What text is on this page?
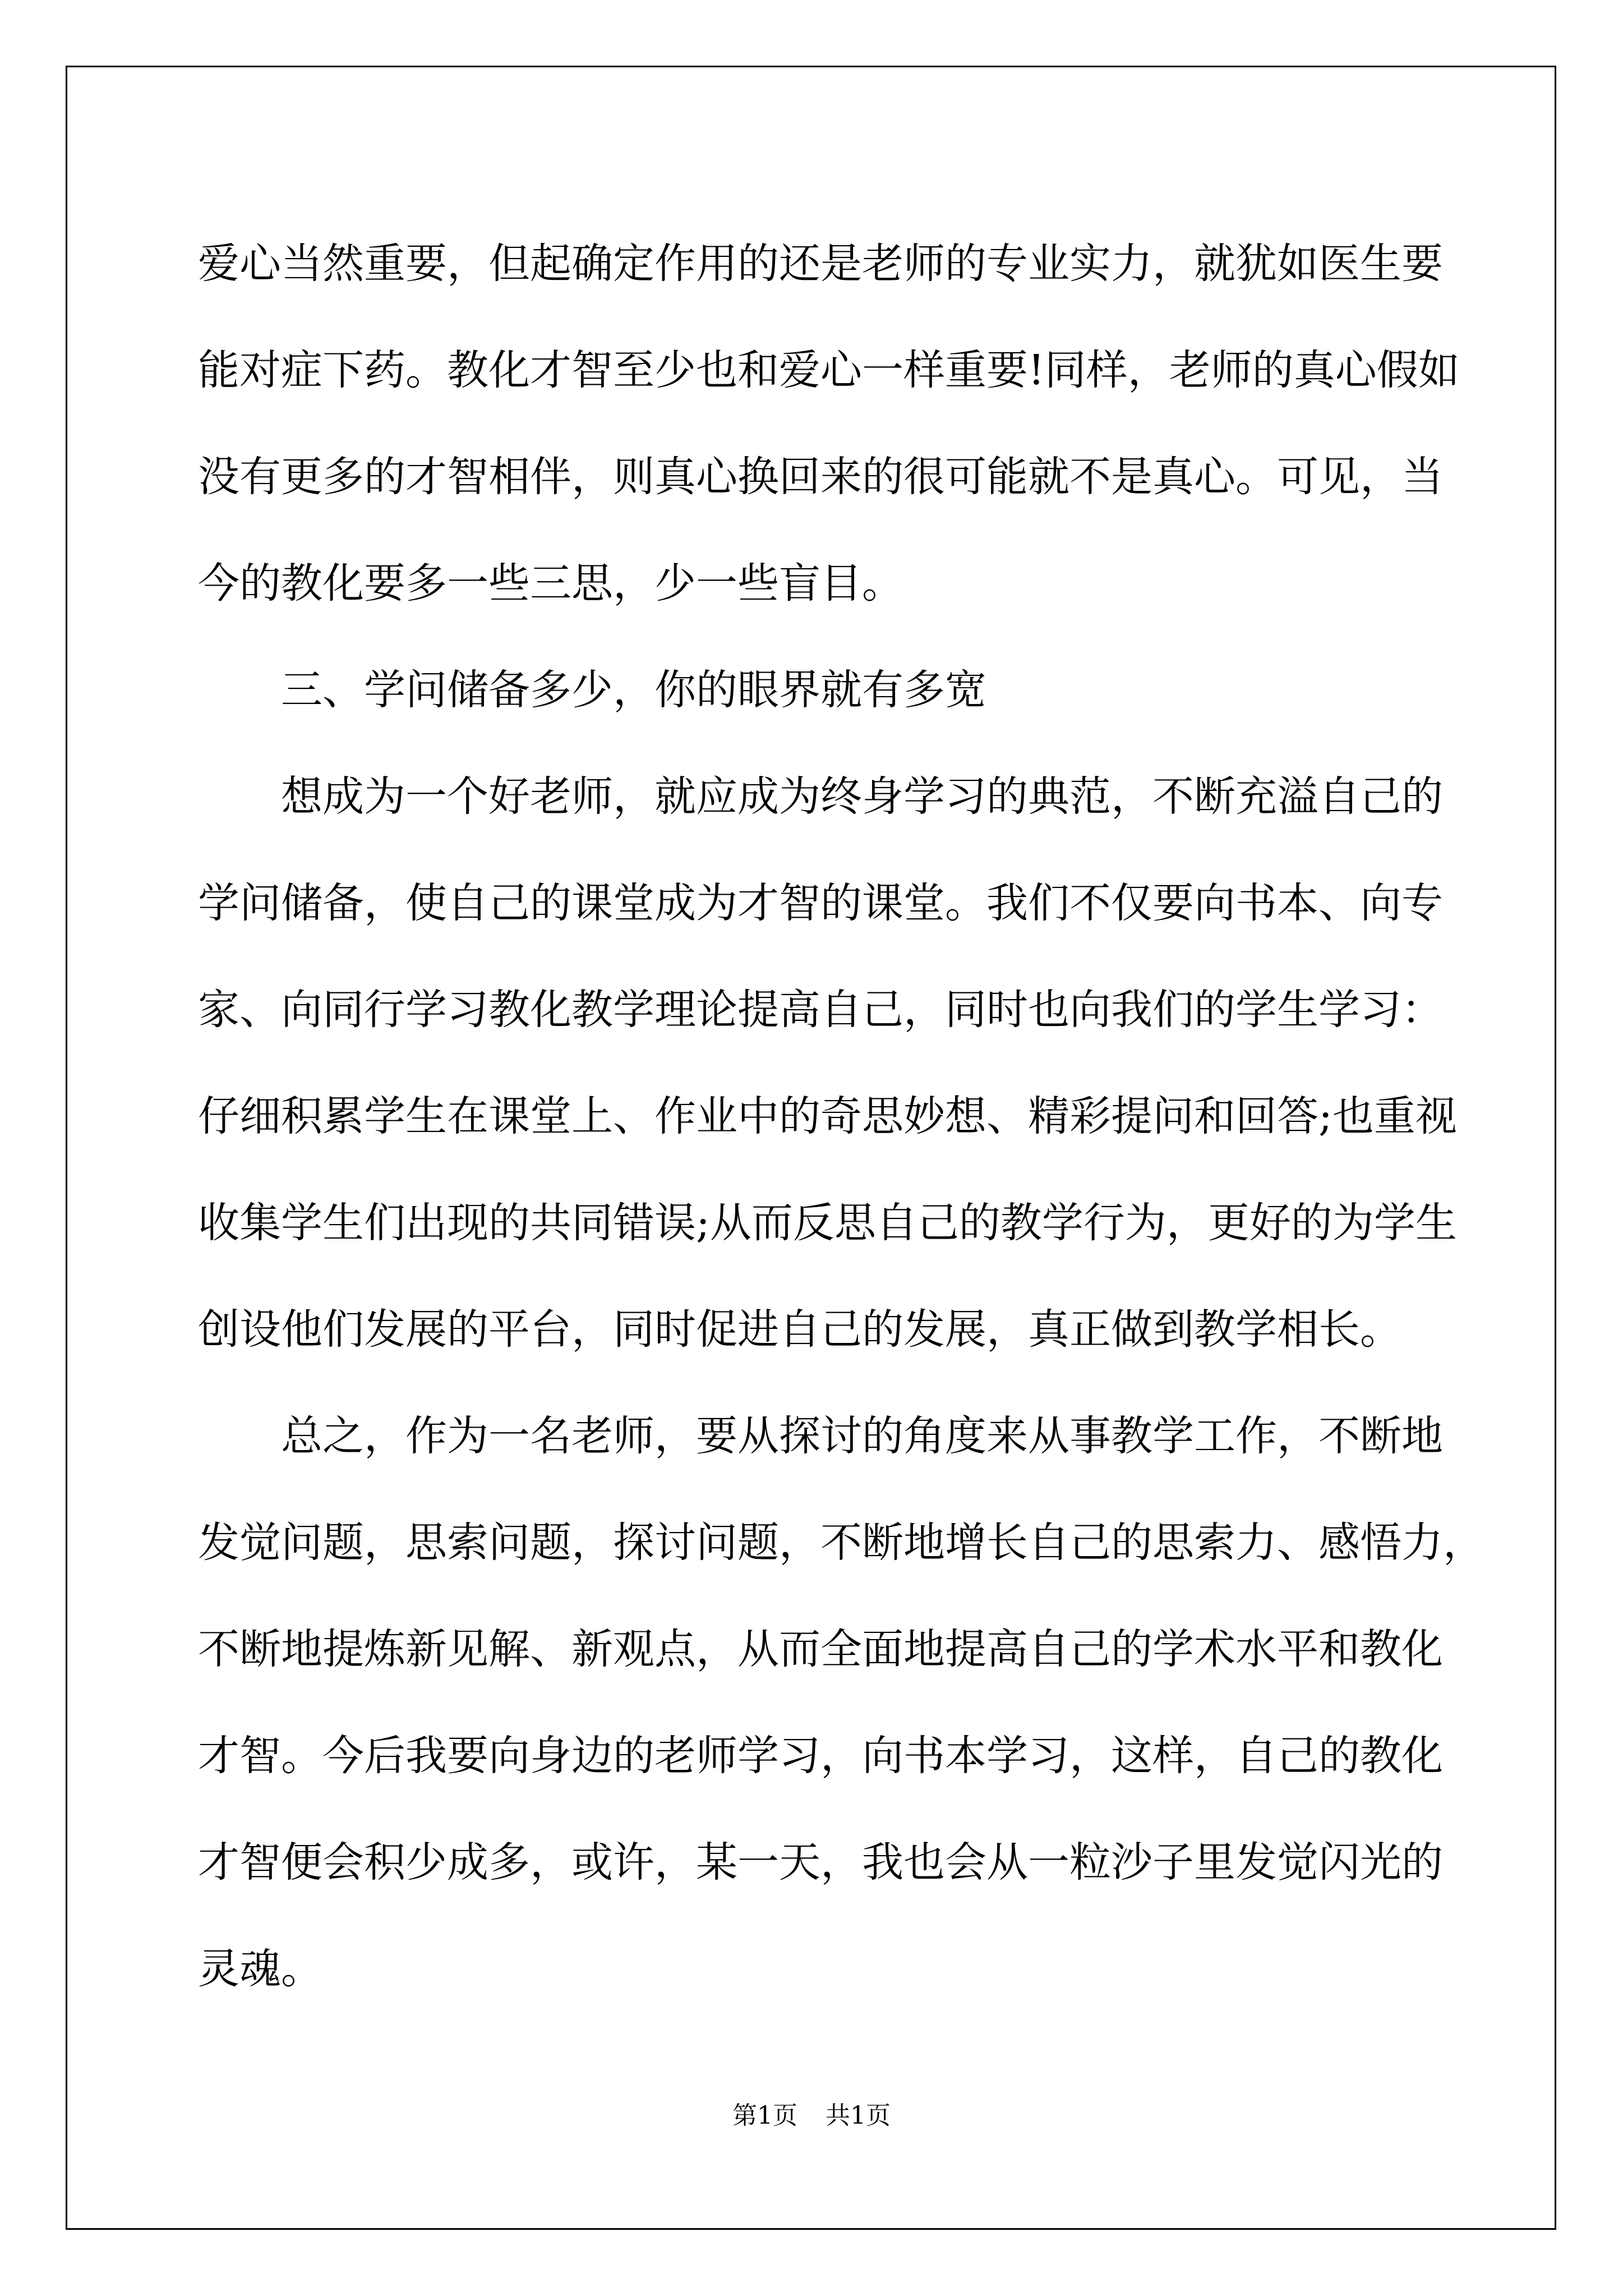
爱心当然重要，但起确定作用的还是老师的专业实力，就犹如医生要
能对症下药。教化才智至少也和爱心一样重要!同样，老师的真心假如
没有更多的才智相伴，则真心换回来的很可能就不是真心。可见，当
今的教化要多一些三思，少一些盲目。
三、学问储备多少，你的眼界就有多宽
想成为一个好老师，就应成为终身学习的典范，不断充溢自己的
学问储备，使自己的课堂成为才智的课堂。我们不仅要向书本、向专
家、向同行学习教化教学理论提高自己，同时也向我们的学生学习：
仔细积累学生在课堂上、作业中的奇思妙想、精彩提问和回答;也重视
收集学生们出现的共同错误;从而反思自己的教学行为，更好的为学生
创设他们发展的平台，同时促进自己的发展，真正做到教学相长。
总之，作为一名老师，要从探讨的角度来从事教学工作，不断地
发觉问题，思索问题，探讨问题，不断地增长自己的思索力、感悟力，
不断地提炼新见解、新观点，从而全面地提高自己的学术水平和教化
才智。今后我要向身边的老师学习，向书本学习，这样，自己的教化
才智便会积少成多，或许，某一天，我也会从一粒沙子里发觉闪光的
灵魂。
第1页 共1页
